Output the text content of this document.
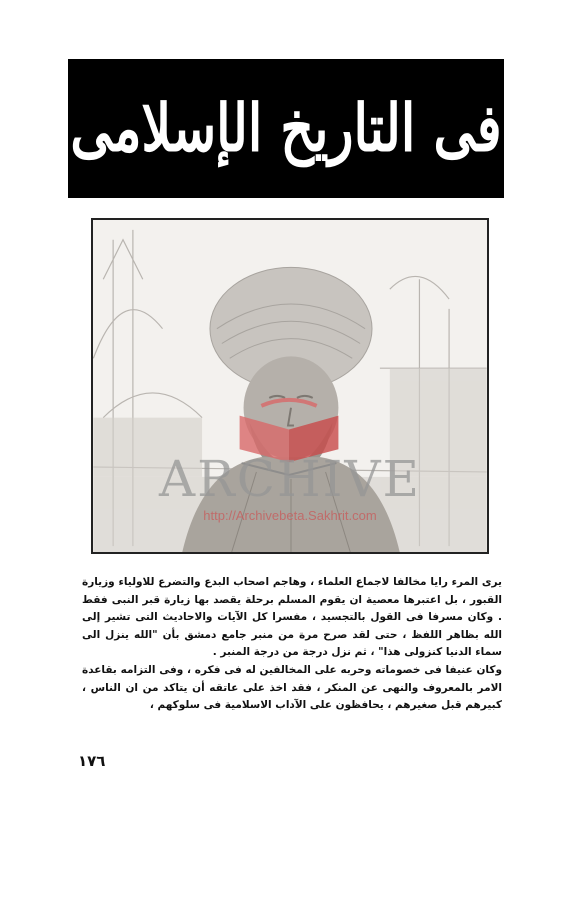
فى التاريخ الإسلامى
ARCHIVE
http://Archivebeta.Sakhrit.com

يرى المرء رايا مخالفا لاجماع العلماء ، وهاجم اصحاب البدع والتضرع للاولياء وزيارة القبور ، بل اعتبرها معصية ان يقوم المسلم برحلة يقصد بها زيارة قبر النبى فقط . وكان مسرفا فى القول بالتجسيد ، مفسرا كل الآيات والاحاديث التى تشير إلى الله بظاهر اللفظ ، حتى لقد صرح مرة من منبر جامع دمشق بأن "الله ينزل الى سماء الدنيا كنزولى هذا" ، ثم نزل درجة من درجة المنبر .

وكان عنيفا فى خصوماته وحربه على المخالفين له فى فكره ، وفى التزامه بقاعدة الامر بالمعروف والنهى عن المنكر ، فقد اخذ على عاتقه أن يتاكد من ان الناس ، كبيرهم قبل صغيرهم ، يحافظون على الآداب الاسلامية فى سلوكهم ،

١٧٦
